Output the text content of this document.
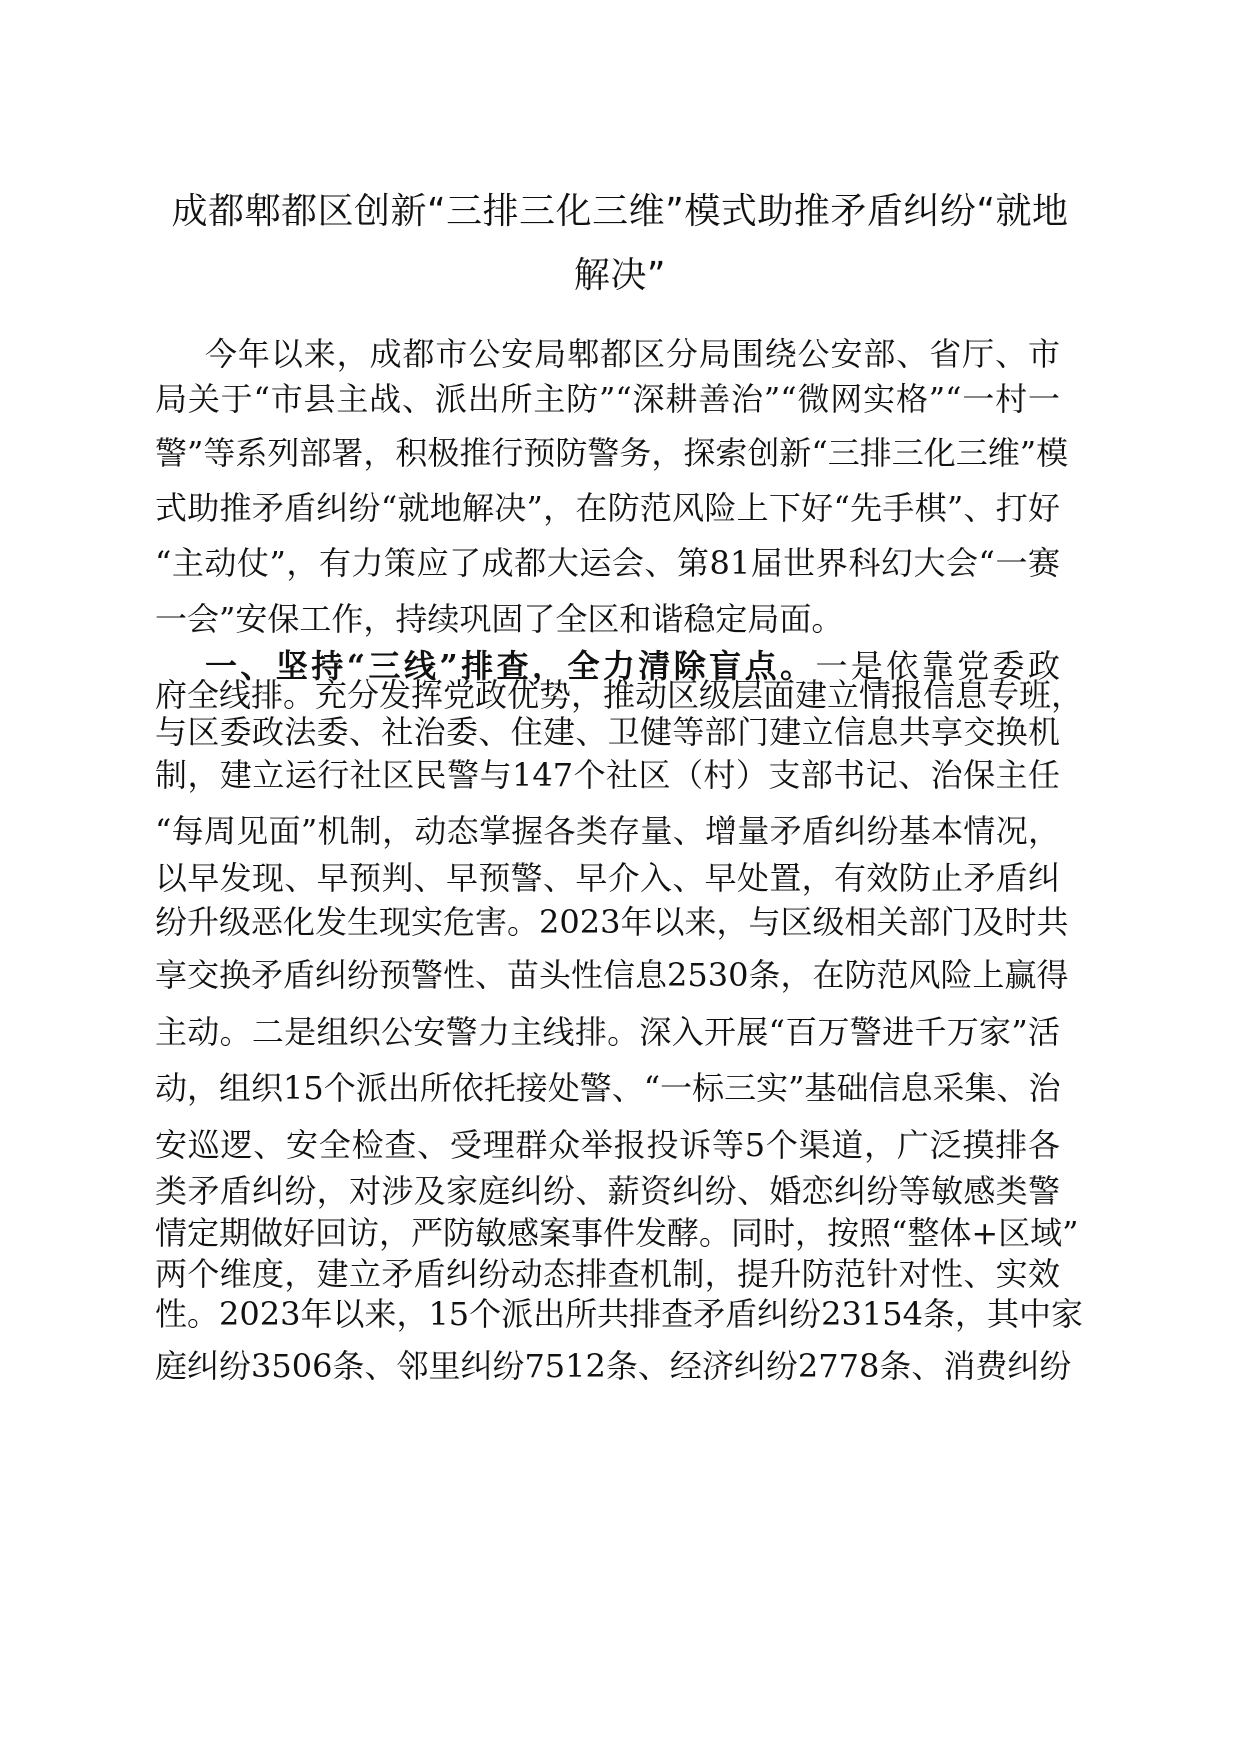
成都郫都区创新“三排三化三维”模式助推矛盾纠纷“就地
解决”

今年以来，成都市公安局郫都区分局围绕公安部、省厅、市

局关于“市县主战、派出所主防”“深耕善治”“微网实格”“一村一

警”等系列部署，积极推行预防警务，探索创新“三排三化三维”模

式助推矛盾纠纷“就地解决”，在防范风险上下好“先手棋”、打好

“主动仗”，有力策应了成都大运会、第81届世界科幻大会“一赛

一会”安保工作，持续巩固了全区和谐稳定局面。

一、坚持“三线”排查，全力清除盲点。一是依靠党委政

府全线排。充分发挥党政优势，推动区级层面建立情报信息专班，

与区委政法委、社治委、住建、卫健等部门建立信息共享交换机

制，建立运行社区民警与147个社区（村）支部书记、治保主任

“每周见面”机制，动态掌握各类存量、增量矛盾纠纷基本情况，

以早发现、早预判、早预警、早介入、早处置，有效防止矛盾纠

纷升级恶化发生现实危害。2023年以来，与区级相关部门及时共

享交换矛盾纠纷预警性、苗头性信息2530条，在防范风险上赢得

主动。二是组织公安警力主线排。深入开展“百万警进千万家”活

动，组织15个派出所依托接处警、“一标三实”基础信息采集、治

安巡逻、安全检查、受理群众举报投诉等5个渠道，广泛摸排各

类矛盾纠纷，对涉及家庭纠纷、薪资纠纷、婚恋纠纷等敏感类警

情定期做好回访，严防敏感案事件发酵。同时，按照“整体+区域”

两个维度，建立矛盾纠纷动态排查机制，提升防范针对性、实效

性。2023年以来，15个派出所共排查矛盾纠纷23154条，其中家

庭纠纷3506条、邻里纠纷7512条、经济纠纷2778条、消费纠纷
